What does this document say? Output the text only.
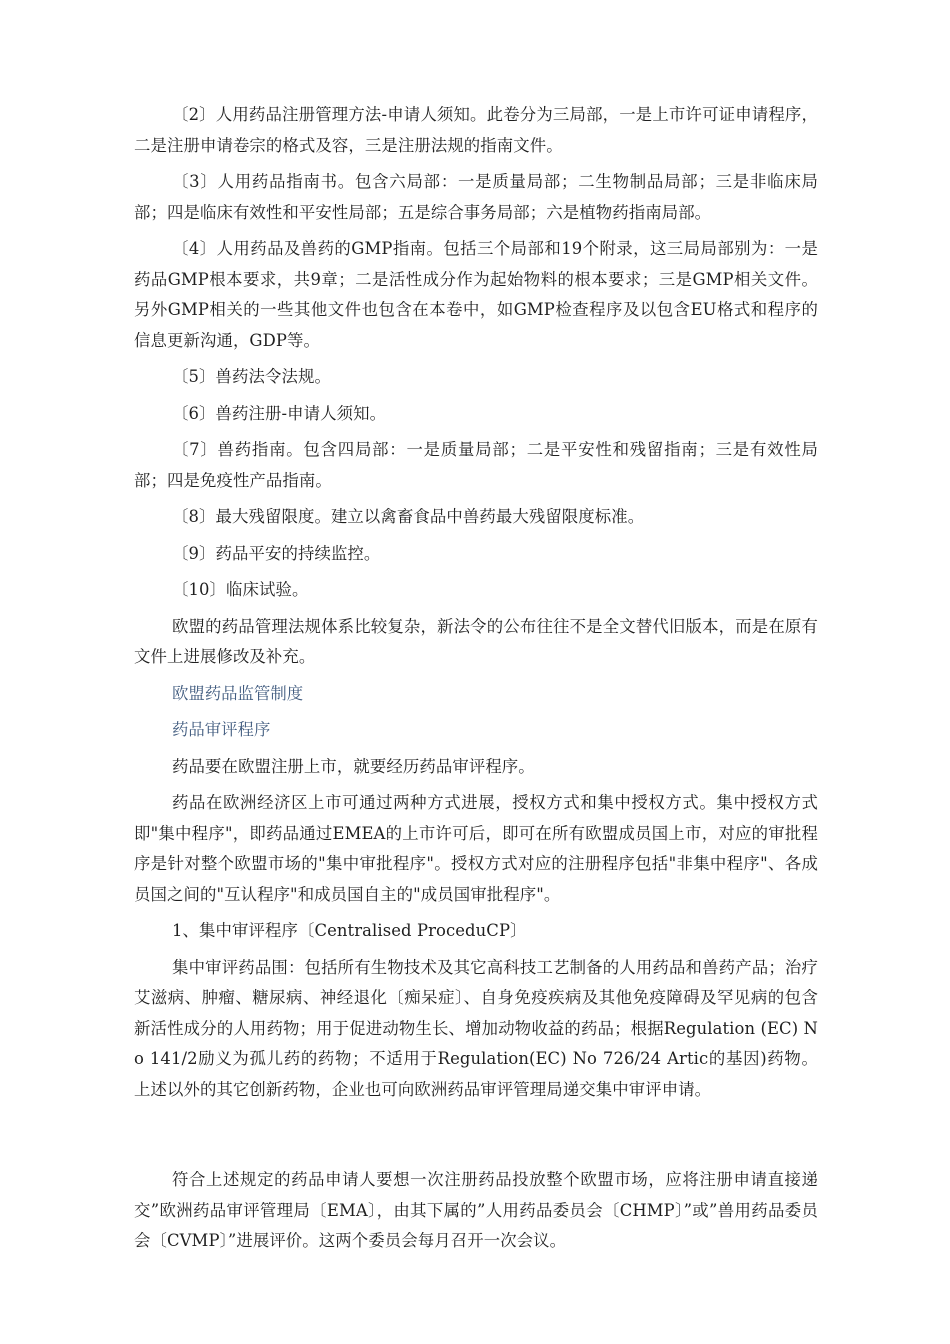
〔2〕人用药品注册管理方法-申请人须知。此卷分为三局部，一是上市许可证申请程序，二是注册申请卷宗的格式及容，三是注册法规的指南文件。

〔3〕人用药品指南书。包含六局部：一是质量局部；二生物制品局部；三是非临床局部；四是临床有效性和平安性局部；五是综合事务局部；六是植物药指南局部。

〔4〕人用药品及兽药的GMP指南。包括三个局部和19个附录，这三局局部别为：一是药品GMP根本要求，共9章；二是活性成分作为起始物料的根本要求；三是GMP相关文件。另外GMP相关的一些其他文件也包含在本卷中，如GMP检查程序及以包含EU格式和程序的信息更新沟通，GDP等。

〔5〕兽药法令法规。

〔6〕兽药注册-申请人须知。

〔7〕兽药指南。包含四局部：一是质量局部；二是平安性和残留指南；三是有效性局部；四是免疫性产品指南。

〔8〕最大残留限度。建立以禽畜食品中兽药最大残留限度标准。

〔9〕药品平安的持续监控。

〔10〕临床试验。

欧盟的药品管理法规体系比较复杂，新法令的公布往往不是全文替代旧版本，而是在原有文件上进展修改及补充。

欧盟药品监管制度

药品审评程序

药品要在欧盟注册上市，就要经历药品审评程序。

药品在欧洲经济区上市可通过两种方式进展，授权方式和集中授权方式。集中授权方式即"集中程序"，即药品通过EMEA的上市许可后，即可在所有欧盟成员国上市，对应的审批程序是针对整个欧盟市场的"集中审批程序"。授权方式对应的注册程序包括"非集中程序"、各成员国之间的"互认程序"和成员国自主的"成员国审批程序"。

1、集中审评程序〔Centralised ProceduCP〕

集中审评药品围：包括所有生物技术及其它高科技工艺制备的人用药品和兽药产品；治疗艾滋病、肿瘤、糖尿病、神经退化〔痴呆症〕、自身免疫疾病及其他免疫障碍及罕见病的包含新活性成分的人用药物；用于促进动物生长、增加动物收益的药品；根据Regulation (EC) No 141/2励义为孤儿药的药物；不适用于Regulation(EC) No 726/24 Artic的基因)药物。上述以外的其它创新药物，企业也可向欧洲药品审评管理局递交集中审评申请。

符合上述规定的药品申请人要想一次注册药品投放整个欧盟市场，应将注册申请直接递交”欧洲药品审评管理局〔EMA〕，由其下属的”人用药品委员会〔CHMP〕”或”兽用药品委员会〔CVMP〕”进展评价。这两个委员会每月召开一次会议。
